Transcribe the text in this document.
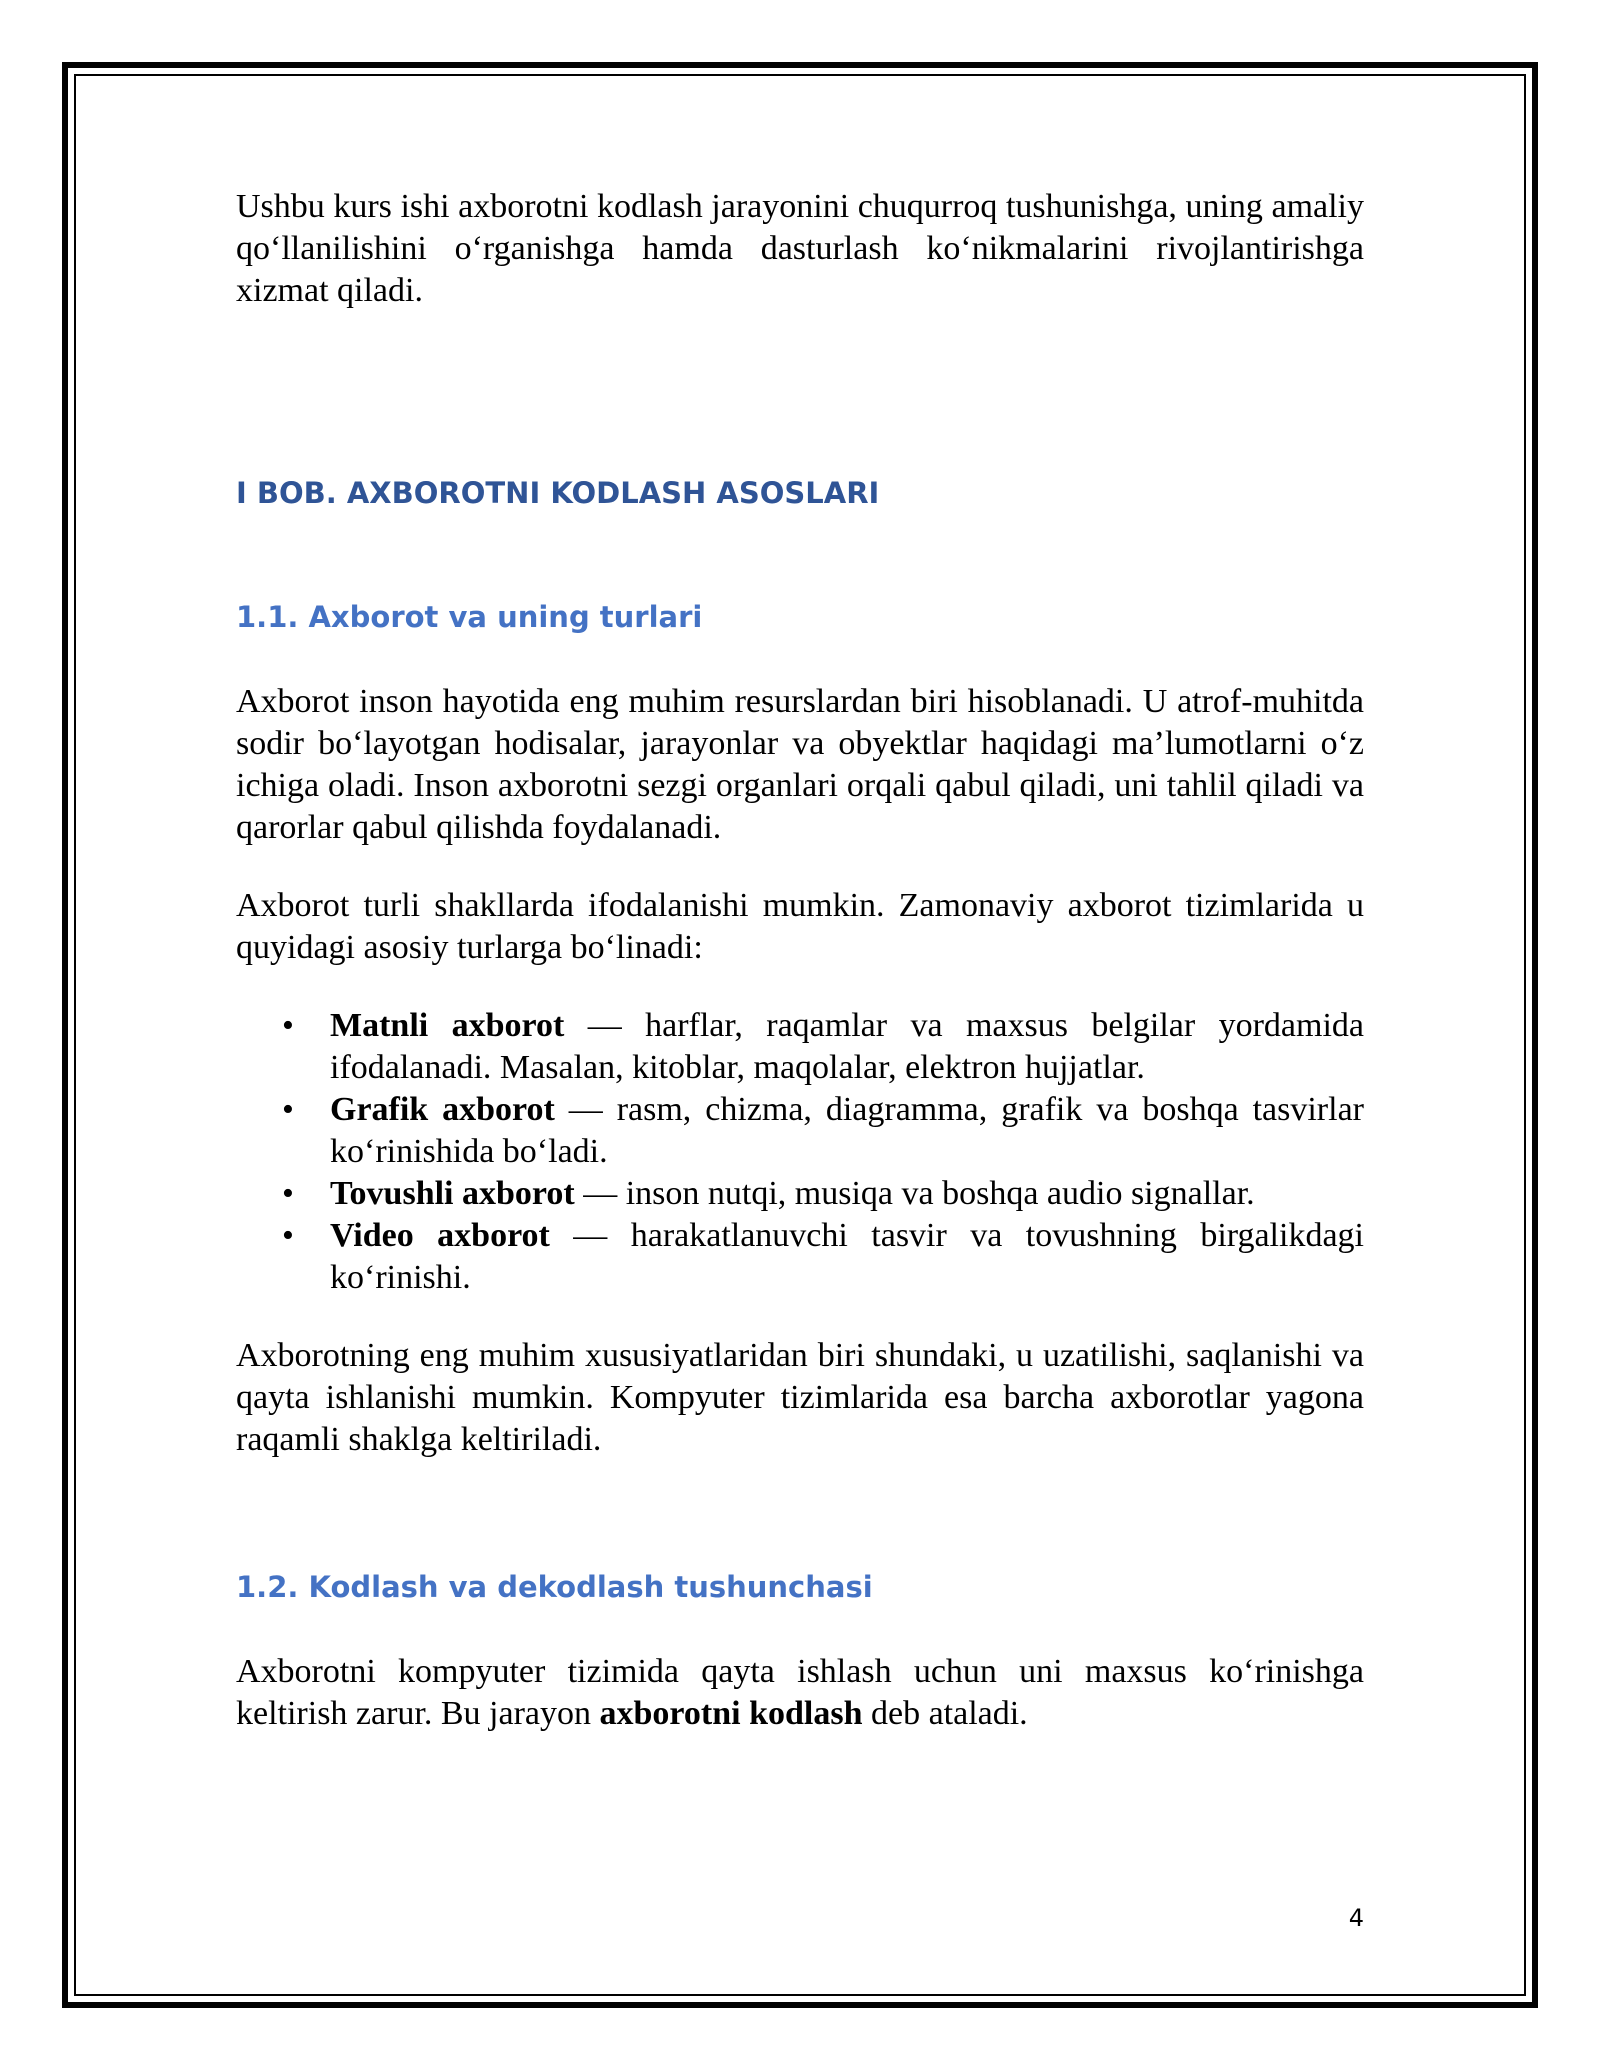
Ushbu kurs ishi axborotni kodlash jarayonini chuqurroq tushunishga, uning amaliy qo‘llanilishini o‘rganishga hamda dasturlash ko‘nikmalarini rivojlantirishga xizmat qiladi.

I BOB. AXBOROTNI KODLASH ASOSLARI
1.1. Axborot va uning turlari

Axborot inson hayotida eng muhim resurslardan biri hisoblanadi. U atrof-muhitda sodir bo‘layotgan hodisalar, jarayonlar va obyektlar haqidagi ma’lumotlarni o‘z ichiga oladi. Inson axborotni sezgi organlari orqali qabul qiladi, uni tahlil qiladi va qarorlar qabul qilishda foydalanadi.

Axborot turli shakllarda ifodalanishi mumkin. Zamonaviy axborot tizimlarida u quyidagi asosiy turlarga bo‘linadi:

• Matnli axborot — harflar, raqamlar va maxsus belgilar yordamida ifodalanadi. Masalan, kitoblar, maqolalar, elektron hujjatlar.
• Grafik axborot — rasm, chizma, diagramma, grafik va boshqa tasvirlar ko‘rinishida bo‘ladi.
• Tovushli axborot — inson nutqi, musiqa va boshqa audio signallar.
• Video axborot — harakatlanuvchi tasvir va tovushning birgalikdagi ko‘rinishi.

Axborotning eng muhim xususiyatlaridan biri shundaki, u uzatilishi, saqlanishi va qayta ishlanishi mumkin. Kompyuter tizimlarida esa barcha axborotlar yagona raqamli shaklga keltiriladi.

1.2. Kodlash va dekodlash tushunchasi

Axborotni kompyuter tizimida qayta ishlash uchun uni maxsus ko‘rinishga keltirish zarur. Bu jarayon axborotni kodlash deb ataladi.

4
